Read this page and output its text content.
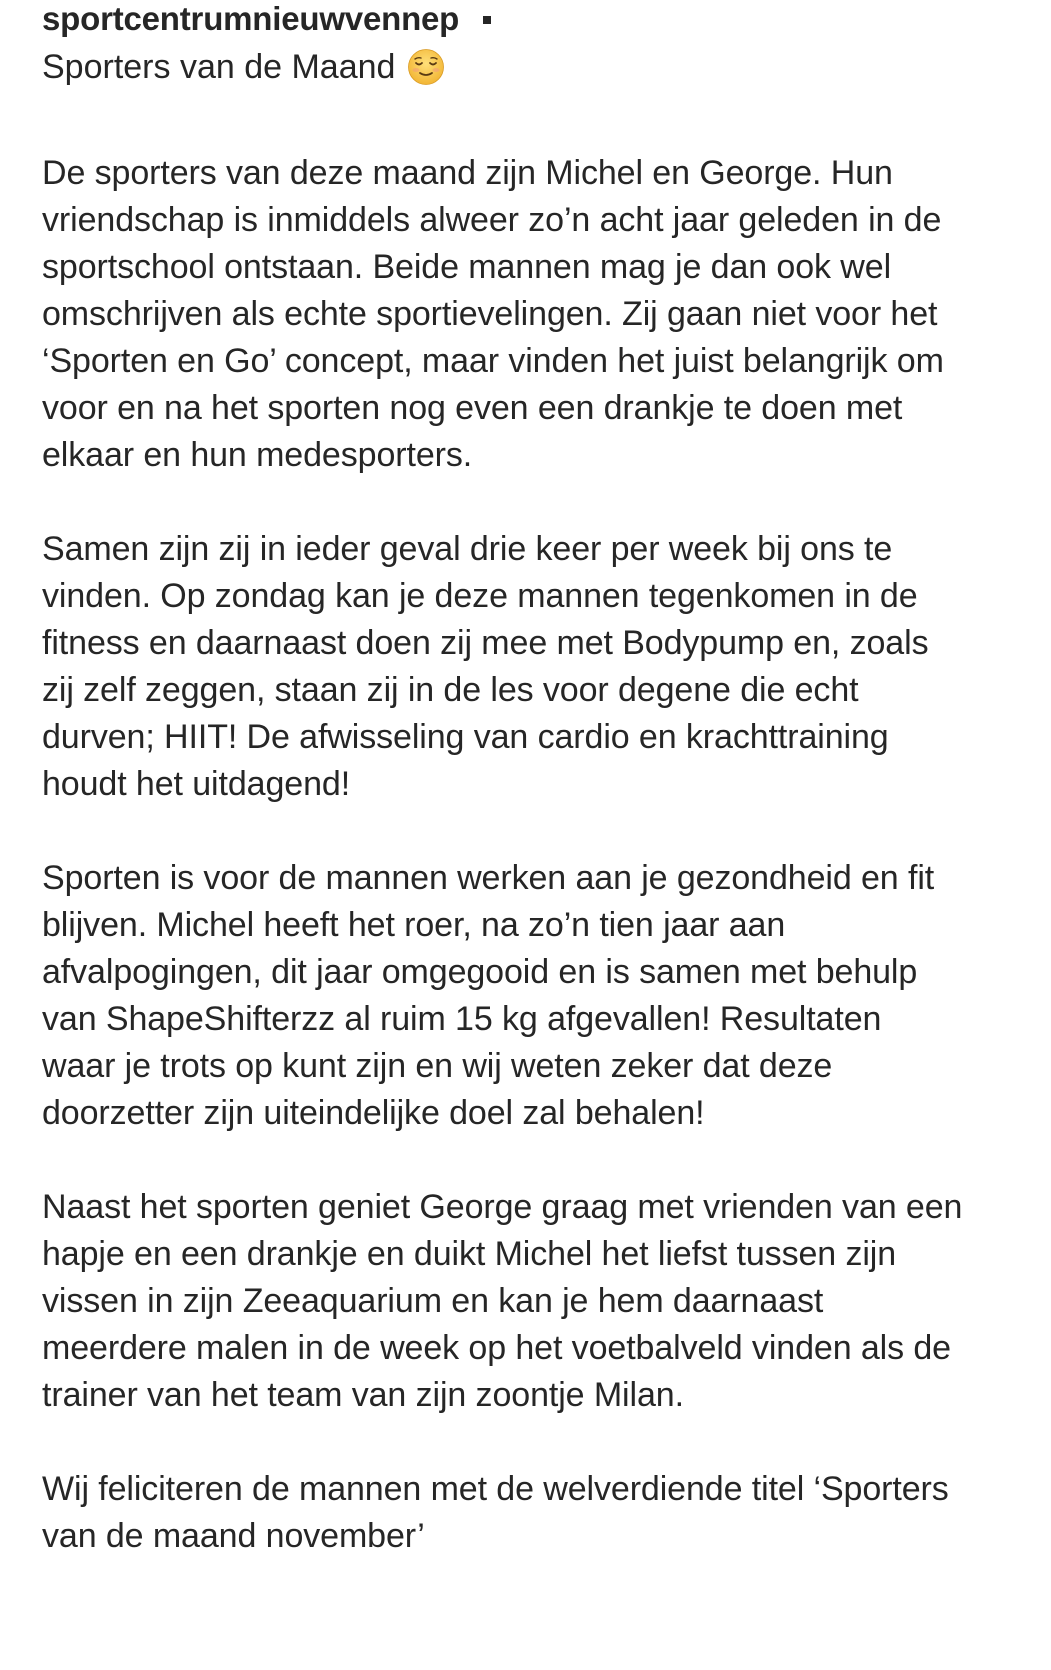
sportcentrumnieuwvennep
Sporters van de Maand

De sporters van deze maand zijn Michel en George. Hun
vriendschap is inmiddels alweer zo’n acht jaar geleden in de
sportschool ontstaan. Beide mannen mag je dan ook wel
omschrijven als echte sportievelingen. Zij gaan niet voor het
‘Sporten en Go’ concept, maar vinden het juist belangrijk om
voor en na het sporten nog even een drankje te doen met
elkaar en hun medesporters.

Samen zijn zij in ieder geval drie keer per week bij ons te
vinden. Op zondag kan je deze mannen tegenkomen in de
fitness en daarnaast doen zij mee met Bodypump en, zoals
zij zelf zeggen, staan zij in de les voor degene die echt
durven; HIIT! De afwisseling van cardio en krachttraining
houdt het uitdagend!

Sporten is voor de mannen werken aan je gezondheid en fit
blijven. Michel heeft het roer, na zo’n tien jaar aan
afvalpogingen, dit jaar omgegooid en is samen met behulp
van ShapeShifterzz al ruim 15 kg afgevallen! Resultaten
waar je trots op kunt zijn en wij weten zeker dat deze
doorzetter zijn uiteindelijke doel zal behalen!

Naast het sporten geniet George graag met vrienden van een
hapje en een drankje en duikt Michel het liefst tussen zijn
vissen in zijn Zeeaquarium en kan je hem daarnaast
meerdere malen in de week op het voetbalveld vinden als de
trainer van het team van zijn zoontje Milan.

Wij feliciteren de mannen met de welverdiende titel ‘Sporters
van de maand november’
